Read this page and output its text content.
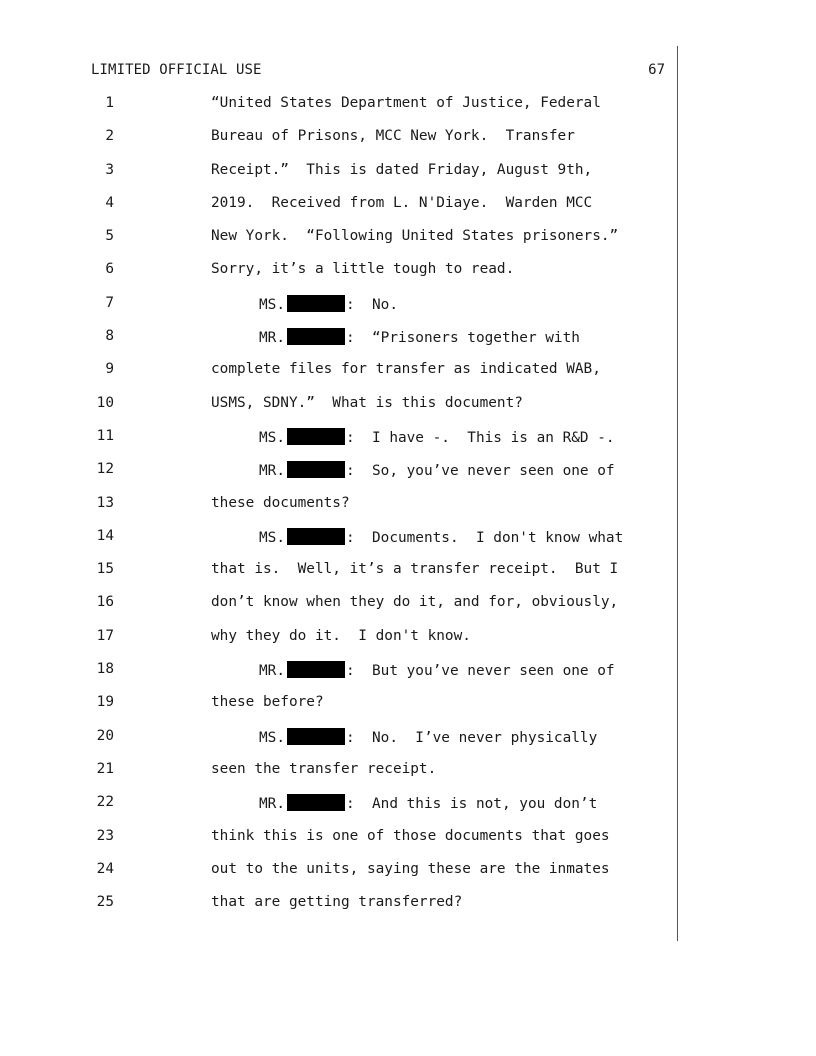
LIMITED OFFICIAL USE	67
1	“United States Department of Justice, Federal
2	Bureau of Prisons, MCC New York.  Transfer
3	Receipt.”  This is dated Friday, August 9th,
4	2019.  Received from L. N'Diaye.  Warden MCC
5	New York.  “Following United States prisoners.”
6	Sorry, it’s a little tough to read.
7	MS.	:  No.
8	MR.	:  “Prisoners together with
9	complete files for transfer as indicated WAB,
10	USMS, SDNY.”  What is this document?
11	MS.	:  I have -.  This is an R&D -.
12	MR.	:  So, you’ve never seen one of
13	these documents?
14	MS.	:  Documents.  I don't know what
15	that is.  Well, it’s a transfer receipt.  But I
16	don’t know when they do it, and for, obviously,
17	why they do it.  I don't know.
18	MR.	:  But you’ve never seen one of
19	these before?
20	MS.	:  No.  I’ve never physically
21	seen the transfer receipt.
22	MR.	:  And this is not, you don’t
23	think this is one of those documents that goes
24	out to the units, saying these are the inmates
25	that are getting transferred?
